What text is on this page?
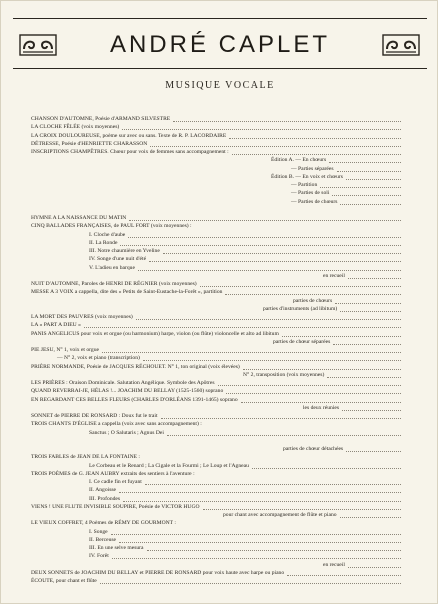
ANDRÉ CAPLET
MUSIQUE VOCALE
CHANSON D'AUTOMNE, Poésie d'ARMAND SILVESTRE
LA CLOCHE FÊLÉE (voix moyennes)
LA CROIX DOULOUREUSE, poème sur avec ou sans. Texte de R. P. LACORDAIRE
DÉTRESSE, Poésie d'HENRIETTE CHARASSON
INSCRIPTIONS CHAMPÊTRES. Chœur pour voix de femmes sans accompagnement :
Édition A. — En chœurs
— Parties séparées
Édition B. — En voix et chœurs
— Partition
— Parties de soli
— Parties de chœurs
HYMNE A LA NAISSANCE DU MATIN
CINQ BALLADES FRANÇAISES, de PAUL FORT (voix moyennes) :
I. Cloche d'aube
II. La Ronde
III. Notre chaumière en Yveline
IV. Songe d'une nuit d'été
V. L'adieu en barque
en recueil
NUIT D'AUTOMNE, Paroles de HENRI DE RÉGNIER (voix moyennes)
MESSE A 3 VOIX a cappella, dite des « Petits de Saint-Eustache-la-Forêt », partition
parties de chœurs
parties d'instruments (ad libitum)
LA MORT DES PAUVRES (voix moyennes)
LA « PART A DIEU »
PANIS ANGELICUS pour voix et orgue (ou harmonium) harpe, violon (ou flûte) violoncelle et alto ad libitum
parties de chœur séparées
PIE JESU, N° 1, voix et orgue
— N° 2, voix et piano (transcription)
PRIÈRE NORMANDE, Poésie de JACQUES RÉCHOUET. N° 1, ton original (voix élevées)
N° 2, transposition (voix moyennes)
LES PRIÈRES : Oraison Dominicale. Salutation Angélique. Symbole des Apôtres
QUAND REVERRAI-JE, HÉLAS !... JOACHIM DU BELLAY (1525-1560) soprano
EN REGARDANT CES BELLES FLEURS (CHARLES D'ORLÉANS 1391-1465) soprano
les deux réunies
SONNET de PIERRE DE RONSARD : Doux fut le trait
TROIS CHANTS D'ÉGLISE a cappella (voix avec sans accompagnement) :
Sanctus ; O Salutaris ; Agnus Dei
parties de chœur détachées
TROIS FABLES de JEAN DE LA FONTAINE :
Le Corbeau et le Renard ; La Cigale et la Fourmi ; Le Loup et l'Agneau
TROIS POÈMES de G. JEAN AUBRY extraits des sentiers à l'aventure :
I. Ce cadle fin et fuyant
II. Angoisse
III. Profondes
VIENS ! UNE FLUTE INVISIBLE SOUPIRE, Poésie de VICTOR HUGO
pour chant avec accompagnement de flûte et piano
LE VIEUX COFFRET, 4 Poèmes de RÉMY DE GOURMONT :
I. Songe
II. Berceuse
III. En une selve mesura
IV. Forêt
en recueil
DEUX SONNETS de JOACHIM DU BELLAY et PIERRE DE RONSARD pour voix haute avec harpe ou piano
ÉCOUTE, pour chant et flûte
